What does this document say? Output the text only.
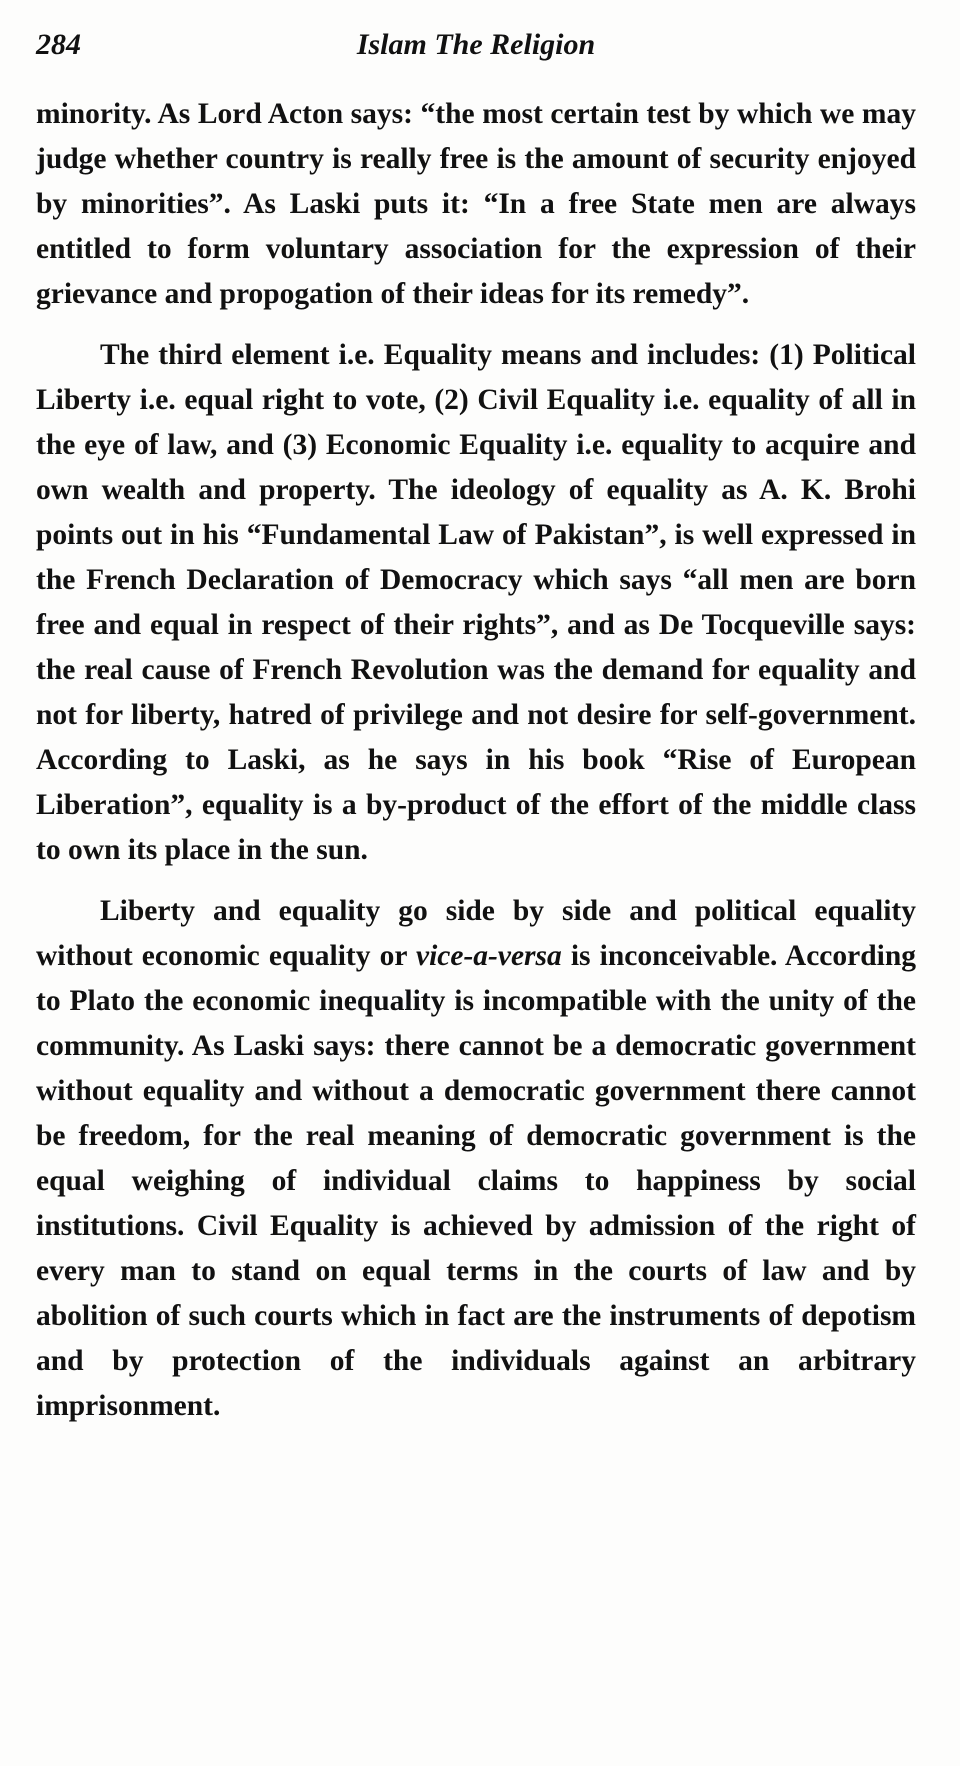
284	Islam The Religion

minority. As Lord Acton says: “the most certain test by which we may judge whether country is really free is the amount of security enjoyed by minorities”. As Laski puts it: “In a free State men are always entitled to form voluntary association for the expression of their grievance and propogation of their ideas for its remedy”.

The third element i.e. Equality means and includes: (1) Political Liberty i.e. equal right to vote, (2) Civil Equality i.e. equality of all in the eye of law, and (3) Economic Equality i.e. equality to acquire and own wealth and property. The ideology of equality as A. K. Brohi points out in his “Fundamental Law of Pakistan”, is well expressed in the French Declaration of Democracy which says “all men are born free and equal in respect of their rights”, and as De Tocqueville says: the real cause of French Revolution was the demand for equality and not for liberty, hatred of privilege and not desire for self-government. According to Laski, as he says in his book “Rise of European Liberation”, equality is a by-product of the effort of the middle class to own its place in the sun.

Liberty and equality go side by side and political equality without economic equality or vice-a-versa is inconceivable. According to Plato the economic inequality is incompatible with the unity of the community. As Laski says: there cannot be a democratic government without equality and without a democratic government there cannot be freedom, for the real meaning of democratic government is the equal weighing of individual claims to happiness by social institutions. Civil Equality is achieved by admission of the right of every man to stand on equal terms in the courts of law and by abolition of such courts which in fact are the instruments of depotism and by protection of the individuals against an arbitrary imprisonment.
